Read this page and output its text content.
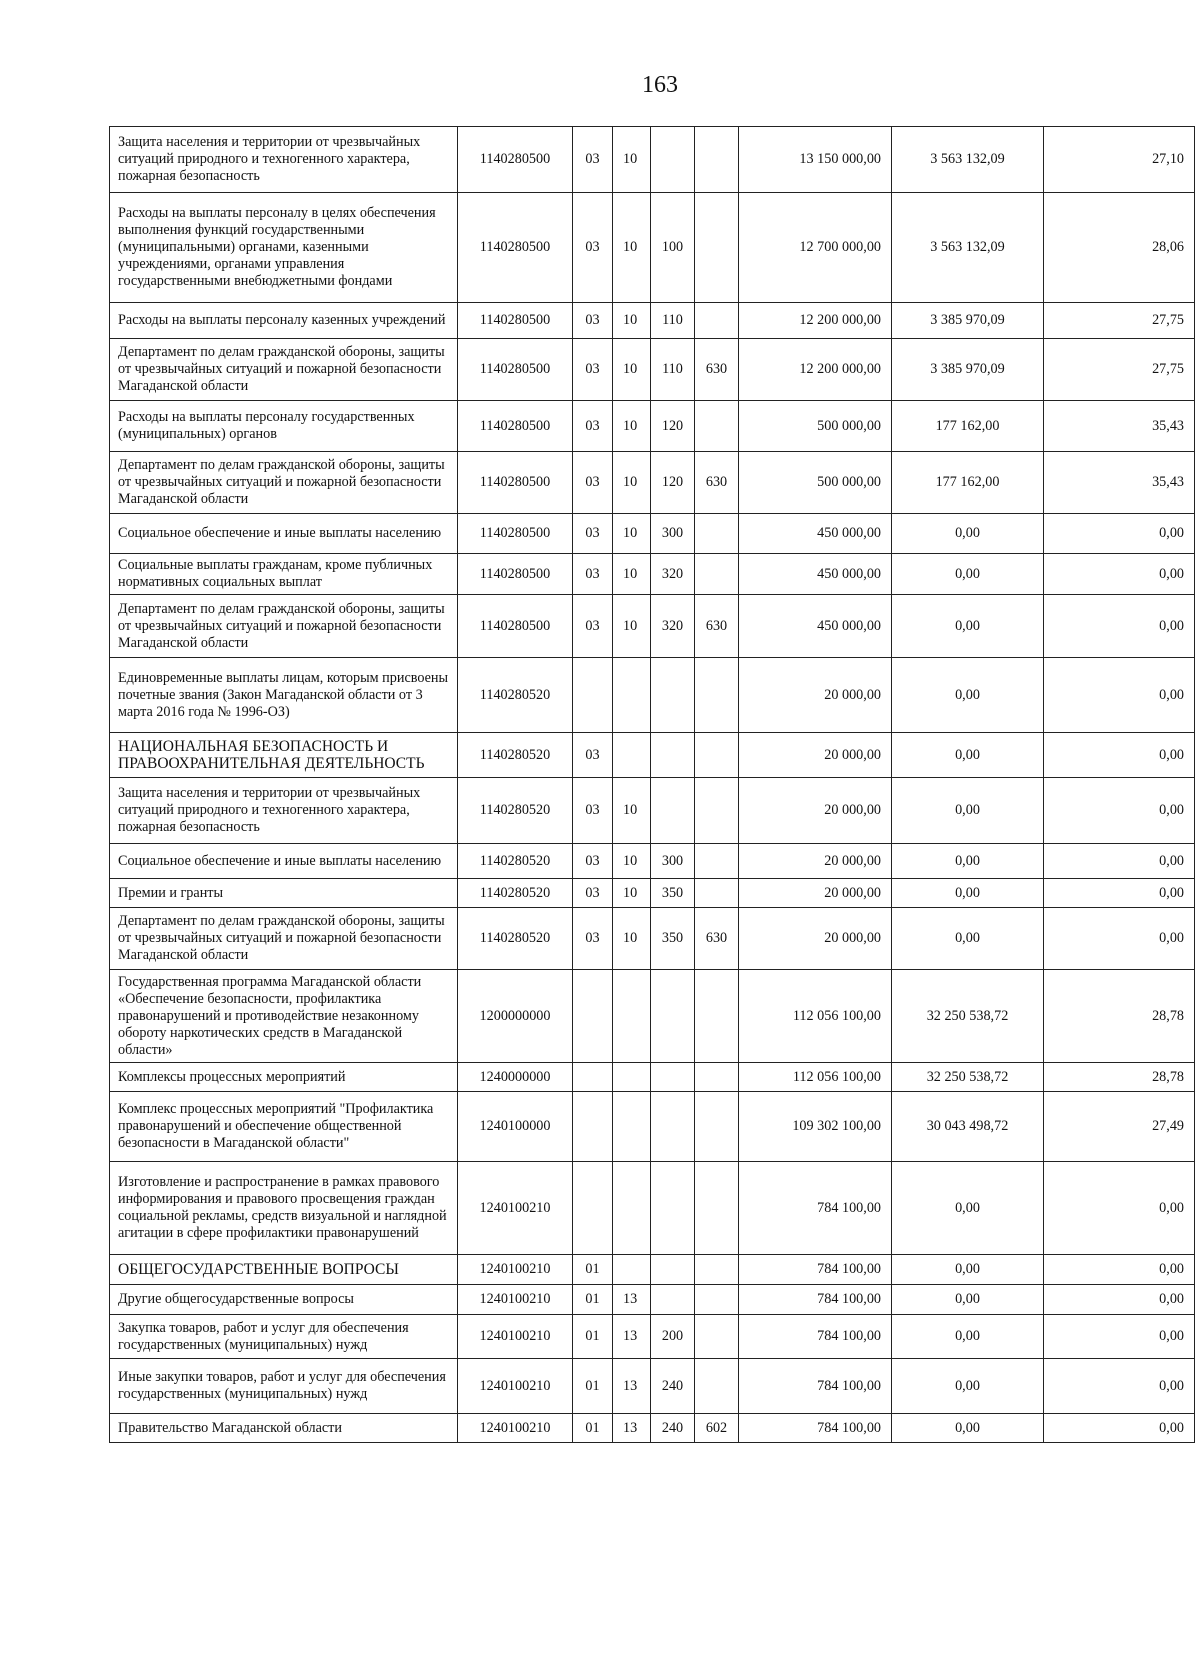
163
Защита населения и территории от чрезвычайных ситуаций природного и техногенного характера, пожарная безопасность	1140280500	03	10			13 150 000,00	3 563 132,09	27,10
Расходы на выплаты персоналу в целях обеспечения выполнения функций государственными (муниципальными) органами, казенными учреждениями, органами управления государственными внебюджетными фондами	1140280500	03	10	100		12 700 000,00	3 563 132,09	28,06
Расходы на выплаты персоналу казенных учреждений	1140280500	03	10	110		12 200 000,00	3 385 970,09	27,75
Департамент по делам гражданской обороны, защиты от чрезвычайных ситуаций и пожарной безопасности Магаданской области	1140280500	03	10	110	630	12 200 000,00	3 385 970,09	27,75
Расходы на выплаты персоналу государственных (муниципальных) органов	1140280500	03	10	120		500 000,00	177 162,00	35,43
Департамент по делам гражданской обороны, защиты от чрезвычайных ситуаций и пожарной безопасности Магаданской области	1140280500	03	10	120	630	500 000,00	177 162,00	35,43
Социальное обеспечение и иные выплаты населению	1140280500	03	10	300		450 000,00	0,00	0,00
Социальные выплаты гражданам, кроме публичных нормативных социальных выплат	1140280500	03	10	320		450 000,00	0,00	0,00
Департамент по делам гражданской обороны, защиты от чрезвычайных ситуаций и пожарной безопасности Магаданской области	1140280500	03	10	320	630	450 000,00	0,00	0,00
Единовременные выплаты лицам, которым присвоены почетные звания (Закон Магаданской области от 3 марта 2016 года № 1996-ОЗ)	1140280520					20 000,00	0,00	0,00
НАЦИОНАЛЬНАЯ БЕЗОПАСНОСТЬ И ПРАВООХРАНИТЕЛЬНАЯ ДЕЯТЕЛЬНОСТЬ	1140280520	03				20 000,00	0,00	0,00
Защита населения и территории от чрезвычайных ситуаций природного и техногенного характера, пожарная безопасность	1140280520	03	10			20 000,00	0,00	0,00
Социальное обеспечение и иные выплаты населению	1140280520	03	10	300		20 000,00	0,00	0,00
Премии и гранты	1140280520	03	10	350		20 000,00	0,00	0,00
Департамент по делам гражданской обороны, защиты от чрезвычайных ситуаций и пожарной безопасности Магаданской области	1140280520	03	10	350	630	20 000,00	0,00	0,00
Государственная программа Магаданской области «Обеспечение безопасности, профилактика правонарушений и противодействие незаконному обороту наркотических средств в Магаданской области»	1200000000					112 056 100,00	32 250 538,72	28,78
Комплексы процессных мероприятий	1240000000					112 056 100,00	32 250 538,72	28,78
Комплекс процессных мероприятий "Профилактика правонарушений и обеспечение общественной безопасности в Магаданской области"	1240100000					109 302 100,00	30 043 498,72	27,49
Изготовление и распространение в рамках правового информирования и правового просвещения граждан социальной рекламы, средств визуальной и наглядной агитации в сфере профилактики правонарушений	1240100210					784 100,00	0,00	0,00
ОБЩЕГОСУДАРСТВЕННЫЕ ВОПРОСЫ	1240100210	01				784 100,00	0,00	0,00
Другие общегосударственные вопросы	1240100210	01	13			784 100,00	0,00	0,00
Закупка товаров, работ и услуг для обеспечения государственных (муниципальных) нужд	1240100210	01	13	200		784 100,00	0,00	0,00
Иные закупки товаров, работ и услуг для обеспечения государственных (муниципальных) нужд	1240100210	01	13	240		784 100,00	0,00	0,00
Правительство Магаданской области	1240100210	01	13	240	602	784 100,00	0,00	0,00
